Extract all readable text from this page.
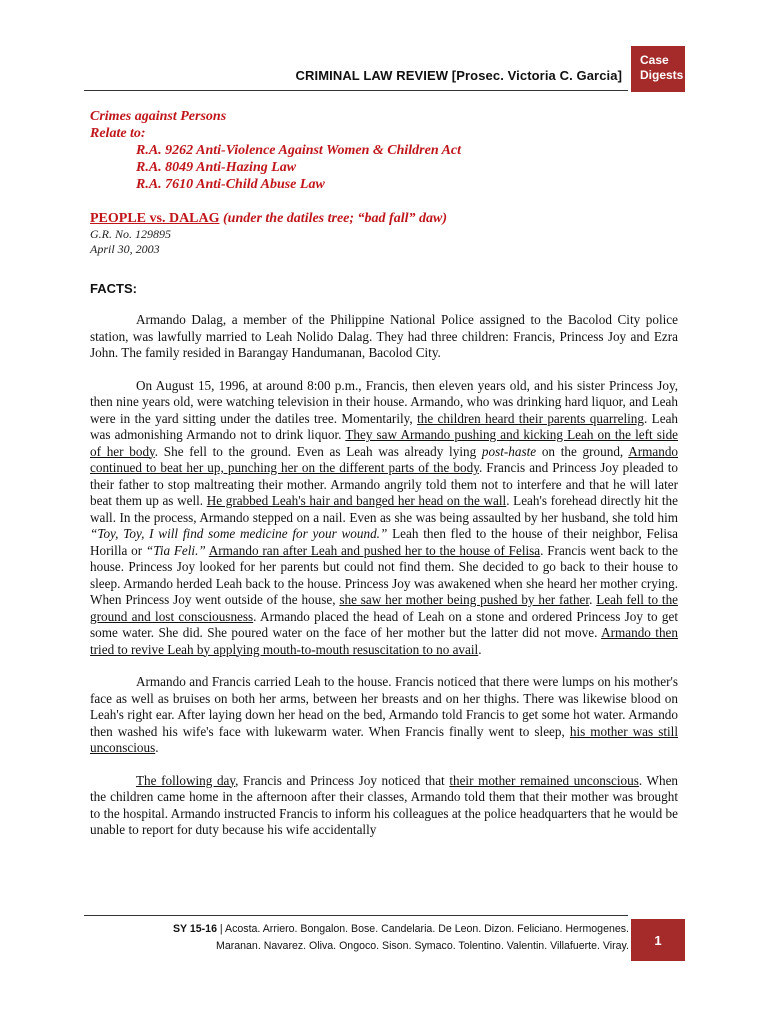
CRIMINAL LAW REVIEW [Prosec. Victoria C. Garcia]
Case
Digests
Crimes against Persons
Relate to:
R.A. 9262 Anti-Violence Against Women & Children Act
R.A. 8049 Anti-Hazing Law
R.A. 7610 Anti-Child Abuse Law
PEOPLE vs. DALAG (under the datiles tree; “bad fall” daw)
G.R. No. 129895
April 30, 2003
FACTS:

Armando Dalag, a member of the Philippine National Police assigned to the Bacolod City police station, was lawfully married to Leah Nolido Dalag. They had three children: Francis, Princess Joy and Ezra John. The family resided in Barangay Handumanan, Bacolod City.

On August 15, 1996, at around 8:00 p.m., Francis, then eleven years old, and his sister Princess Joy, then nine years old, were watching television in their house. Armando, who was drinking hard liquor, and Leah were in the yard sitting under the datiles tree. Momentarily, the children heard their parents quarreling. Leah was admonishing Armando not to drink liquor. They saw Armando pushing and kicking Leah on the left side of her body. She fell to the ground. Even as Leah was already lying post-haste on the ground, Armando continued to beat her up, punching her on the different parts of the body. Francis and Princess Joy pleaded to their father to stop maltreating their mother. Armando angrily told them not to interfere and that he will later beat them up as well. He grabbed Leah's hair and banged her head on the wall. Leah's forehead directly hit the wall. In the process, Armando stepped on a nail. Even as she was being assaulted by her husband, she told him “Toy, Toy, I will find some medicine for your wound.” Leah then fled to the house of their neighbor, Felisa Horilla or “Tia Feli.” Armando ran after Leah and pushed her to the house of Felisa. Francis went back to the house. Princess Joy looked for her parents but could not find them. She decided to go back to their house to sleep. Armando herded Leah back to the house. Princess Joy was awakened when she heard her mother crying. When Princess Joy went outside of the house, she saw her mother being pushed by her father. Leah fell to the ground and lost consciousness. Armando placed the head of Leah on a stone and ordered Princess Joy to get some water. She did. She poured water on the face of her mother but the latter did not move. Armando then tried to revive Leah by applying mouth-to-mouth resuscitation to no avail.

Armando and Francis carried Leah to the house. Francis noticed that there were lumps on his mother's face as well as bruises on both her arms, between her breasts and on her thighs. There was likewise blood on Leah's right ear. After laying down her head on the bed, Armando told Francis to get some hot water. Armando then washed his wife's face with lukewarm water. When Francis finally went to sleep, his mother was still unconscious.

The following day, Francis and Princess Joy noticed that their mother remained unconscious. When the children came home in the afternoon after their classes, Armando told them that their mother was brought to the hospital. Armando instructed Francis to inform his colleagues at the police headquarters that he would be unable to report for duty because his wife accidentally

SY 15-16 | Acosta. Arriero. Bongalon. Bose. Candelaria. De Leon. Dizon. Feliciano. Hermogenes.
Maranan. Navarez. Oliva. Ongoco. Sison. Symaco. Tolentino. Valentin. Villafuerte. Viray.	1
